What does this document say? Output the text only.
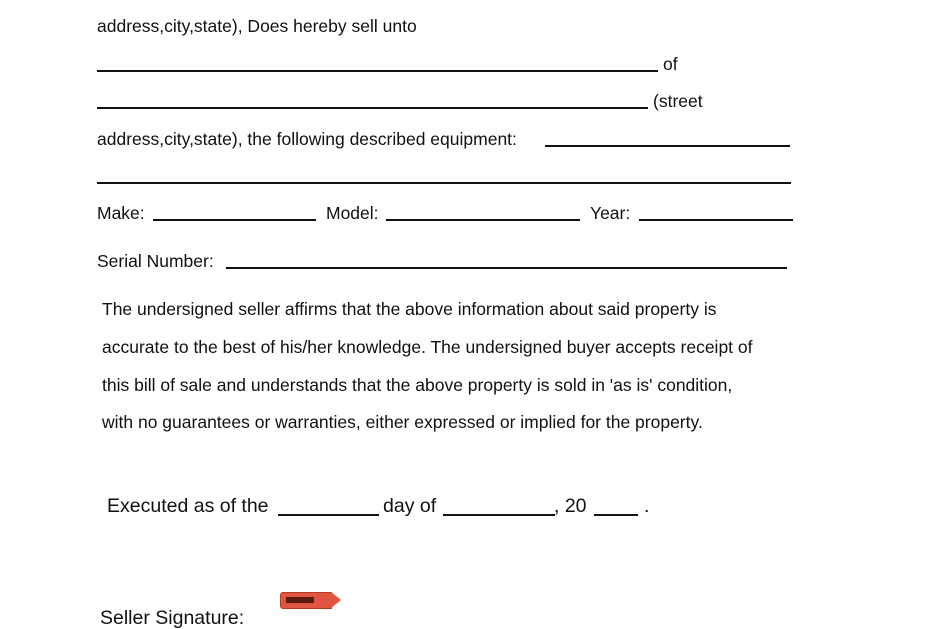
address,city,state), Does hereby sell unto
of
(street
address,city,state), the following described equipment:
Make:	Model:	Year:
Serial Number:
The undersigned seller affirms that the above information about said property is
accurate to the best of his/her knowledge. The undersigned buyer accepts receipt of
this bill of sale and understands that the above property is sold in 'as is' condition,
with no guarantees or warranties, either expressed or implied for the property.
Executed as of the	day of	, 20	.
Seller Signature:
